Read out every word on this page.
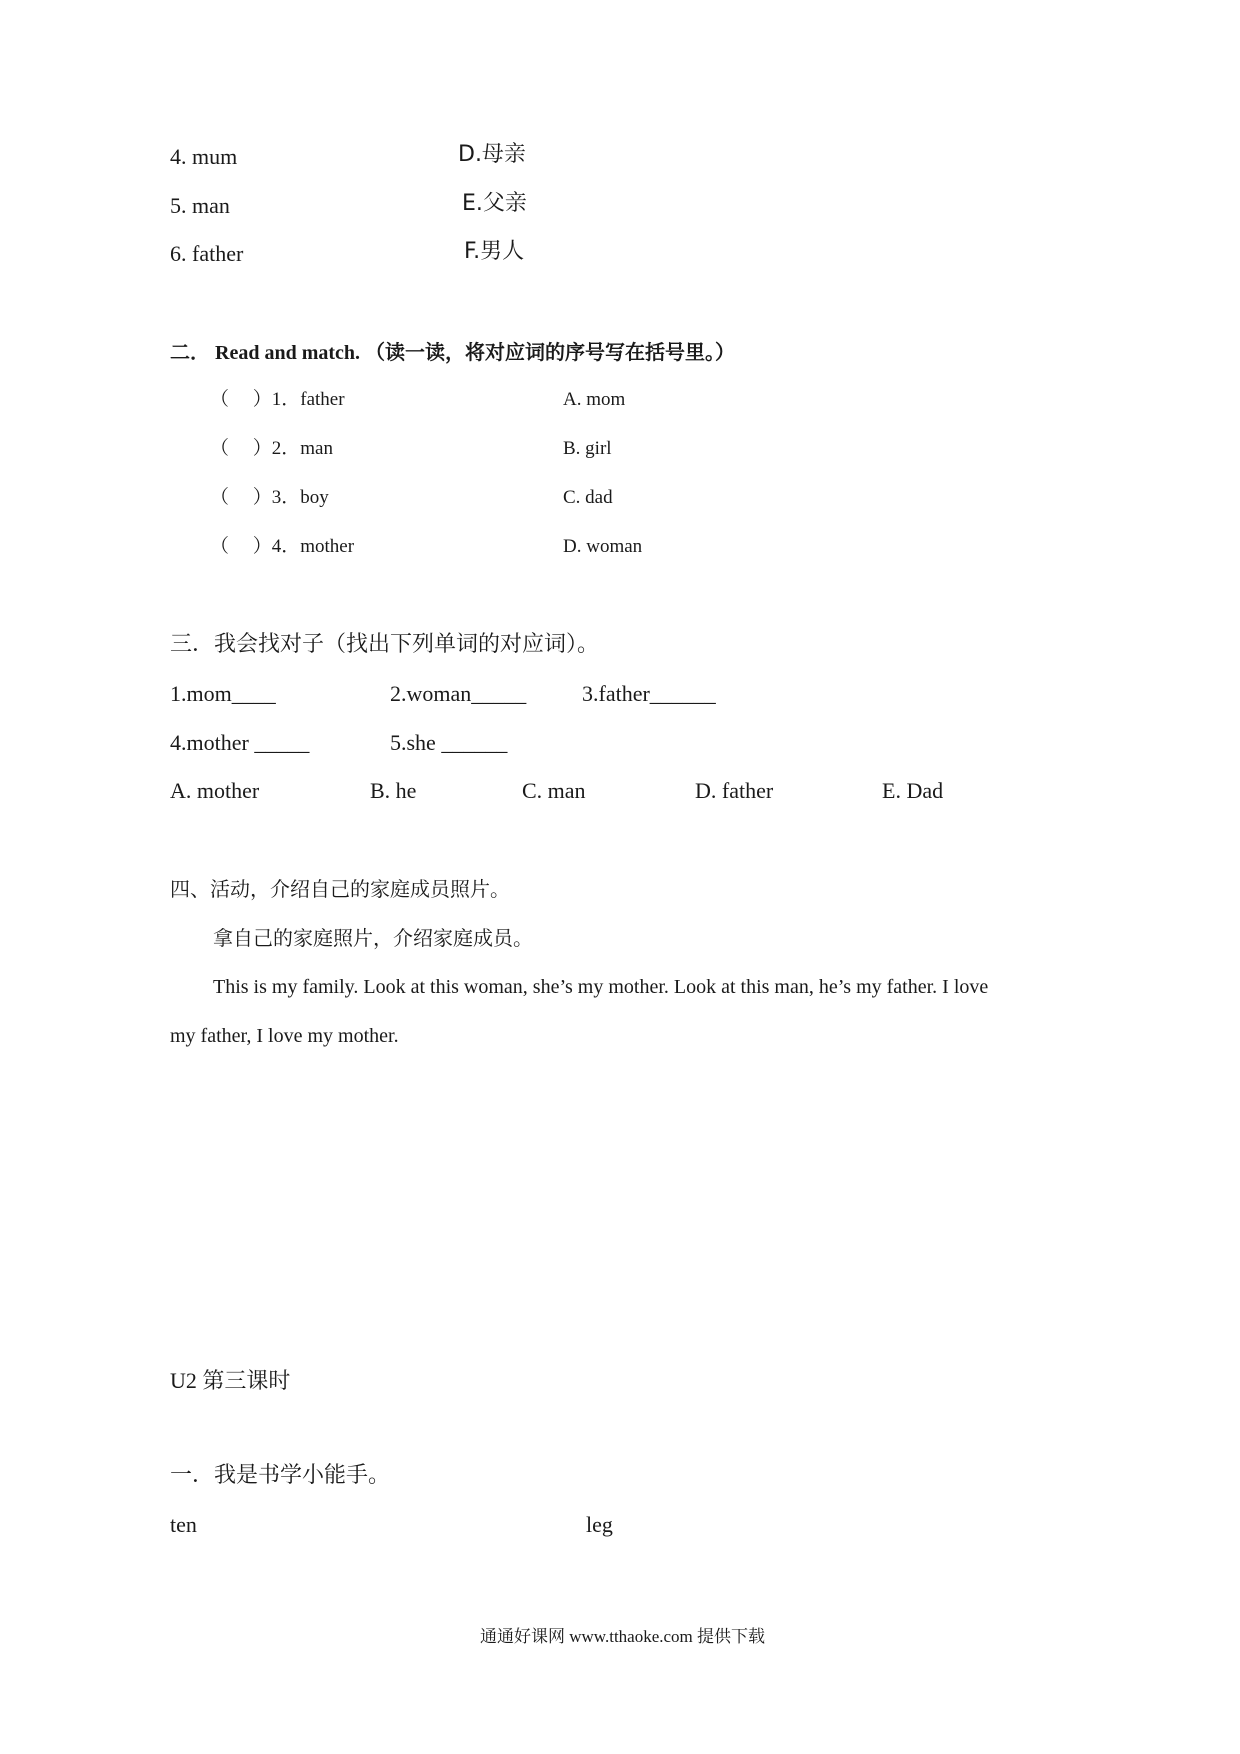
4. mum	D.母亲
5. man	E.父亲
6. father	F.男人
二． Read and match. （读一读，将对应词的序号写在括号里。）
（　 ）1．father	A. mom
（　 ）2．man	B. girl
（　 ）3．boy	C. dad
（　 ）4．mother	D. woman
三．我会找对子（找出下列单词的对应词）。
1.mom____	2.woman_____	3.father______
4.mother _____	5.she ______
A. mother	B. he	C. man	D. father	E. Dad
四、活动，介绍自己的家庭成员照片。
拿自己的家庭照片，介绍家庭成员。
This is my family. Look at this woman, she’s my mother. Look at this man, he’s my father. I love
my father, I love my mother.
U2 第三课时
一．我是书学小能手。
ten	leg
通通好课网 www.tthaoke.com 提供下载
